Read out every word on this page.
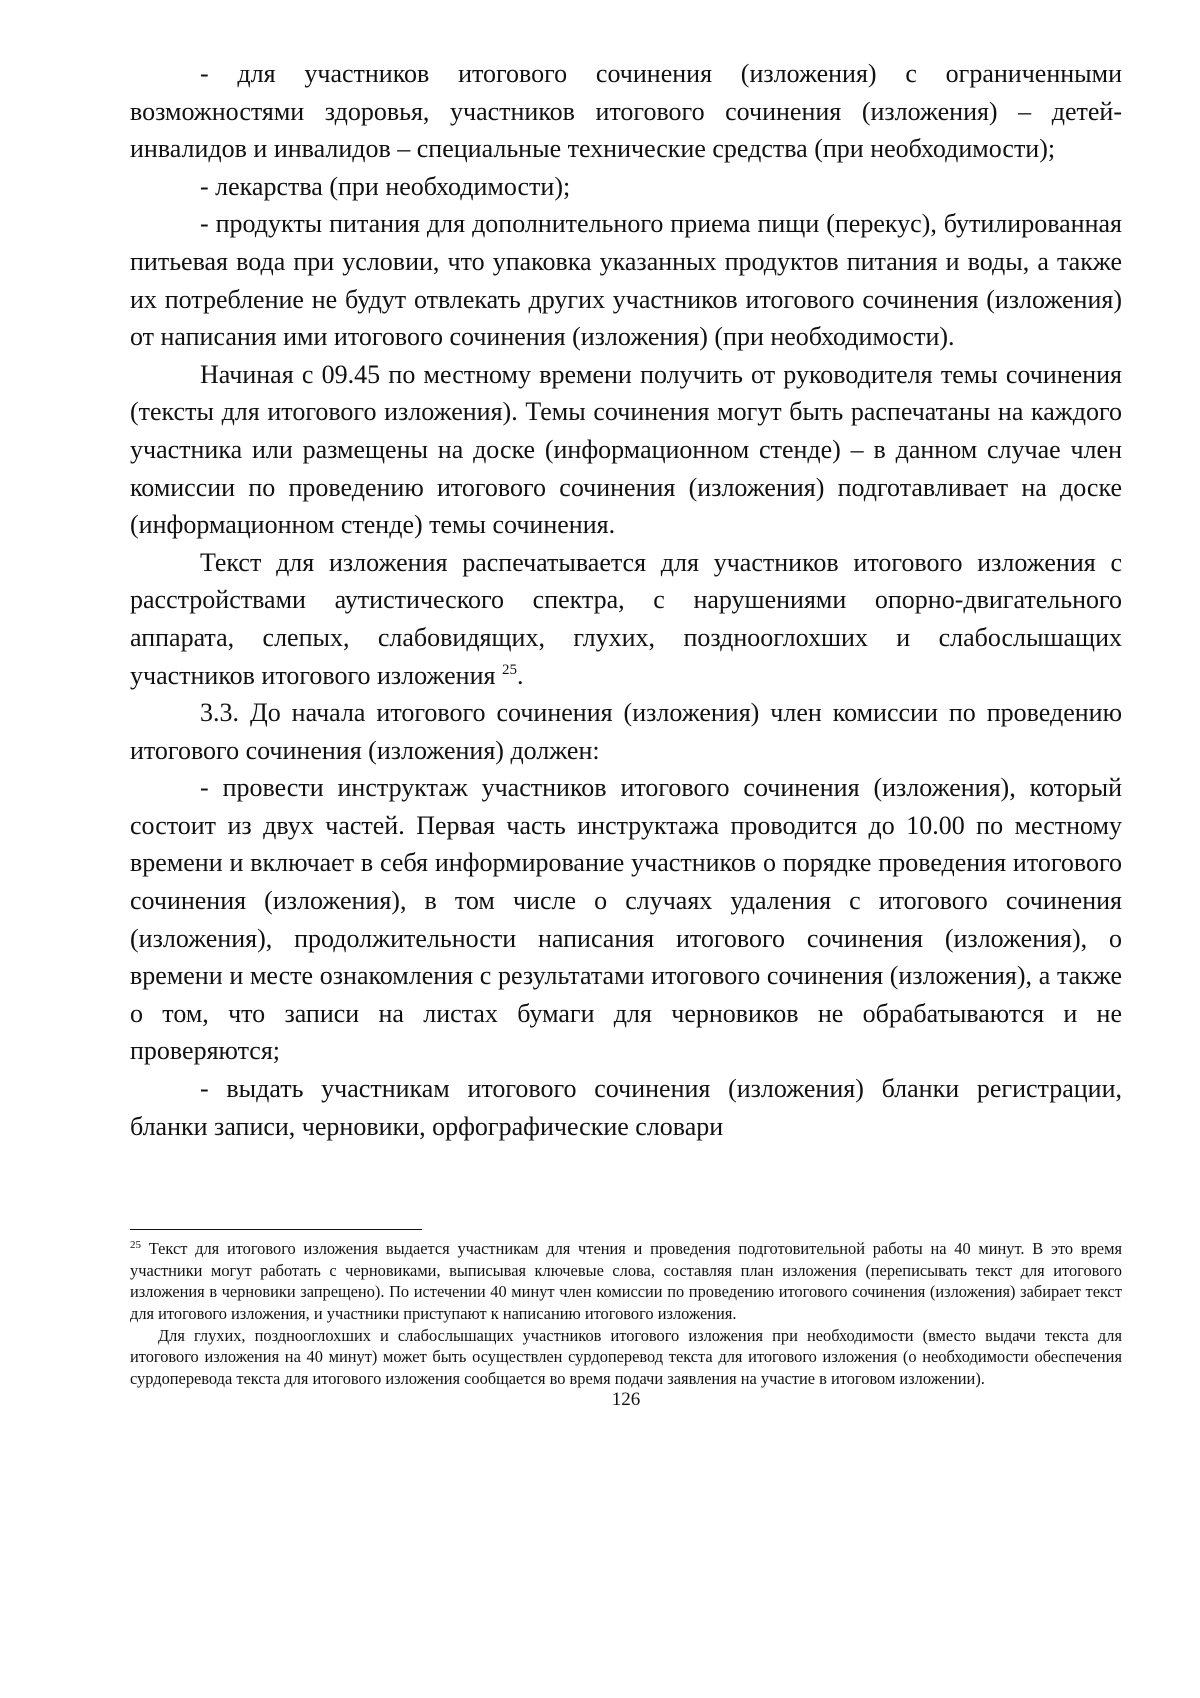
- для участников итогового сочинения (изложения) с ограниченными возможностями здоровья, участников итогового сочинения (изложения) – детей-инвалидов и инвалидов – специальные технические средства (при необходимости);

- лекарства (при необходимости);

- продукты питания для дополнительного приема пищи (перекус), бутилированная питьевая вода при условии, что упаковка указанных продуктов питания и воды, а также их потребление не будут отвлекать других участников итогового сочинения (изложения) от написания ими итогового сочинения (изложения) (при необходимости).

Начиная с 09.45 по местному времени получить от руководителя темы сочинения (тексты для итогового изложения). Темы сочинения могут быть распечатаны на каждого участника или размещены на доске (информационном стенде) – в данном случае член комиссии по проведению итогового сочинения (изложения) подготавливает на доске (информационном стенде) темы сочинения.

Текст для изложения распечатывается для участников итогового изложения с расстройствами аутистического спектра, с нарушениями опорно-двигательного аппарата, слепых, слабовидящих, глухих, позднооглохших и слабослышащих участников итогового изложения $^{25}$.

3.3. До начала итогового сочинения (изложения) член комиссии по проведению итогового сочинения (изложения) должен:

- провести инструктаж участников итогового сочинения (изложения), который состоит из двух частей. Первая часть инструктажа проводится до 10.00 по местному времени и включает в себя информирование участников о порядке проведения итогового сочинения (изложения), в том числе о случаях удаления с итогового сочинения (изложения), продолжительности написания итогового сочинения (изложения), о времени и месте ознакомления с результатами итогового сочинения (изложения), а также о том, что записи на листах бумаги для черновиков не обрабатываются и не проверяются;

- выдать участникам итогового сочинения (изложения) бланки регистрации, бланки записи, черновики, орфографические словари

$^{25}$ Текст для итогового изложения выдается участникам для чтения и проведения подготовительной работы на 40 минут. В это время участники могут работать с черновиками, выписывая ключевые слова, составляя план изложения (переписывать текст для итогового изложения в черновики запрещено). По истечении 40 минут член комиссии по проведению итогового сочинения (изложения) забирает текст для итогового изложения, и участники приступают к написанию итогового изложения.

Для глухих, позднооглохших и слабослышащих участников итогового изложения при необходимости (вместо выдачи текста для итогового изложения на 40 минут) может быть осуществлен сурдоперевод текста для итогового изложения (о необходимости обеспечения сурдоперевода текста для итогового изложения сообщается во время подачи заявления на участие в итоговом изложении).

126
